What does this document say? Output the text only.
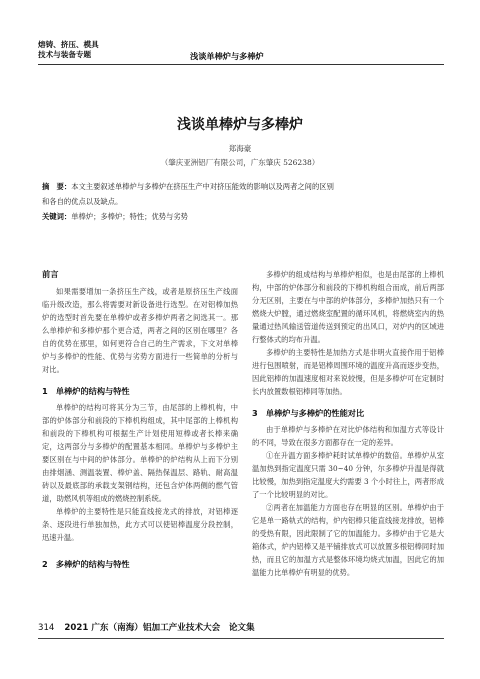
熔铸、挤压、模具
技术与装备专题	浅谈单棒炉与多棒炉
浅谈单棒炉与多棒炉
郑海豪
（肇庆亚洲铝厂有限公司，广东肇庆 526238）
摘　要：本文主要叙述单棒炉与多棒炉在挤压生产中对挤压能效的影响以及两者之间的区别
和各自的优点以及缺点。
关键词：单棒炉；多棒炉；特性；优势与劣势
前言

如果需要增加一条挤压生产线，或者是原挤压生产线面临升级改造，那么将需要对新设备进行选型。在对铝棒加热炉的选型时首先要在单棒炉或者多棒炉两者之间选其一。那么单棒炉和多棒炉那个更合适，两者之间的区别在哪里？各自的优势在那里，如何更符合自己的生产需求，下文对单棒炉与多棒炉的性能、优势与劣势方面进行一些简单的分析与对比。

1　单棒炉的结构与特性

单棒炉的结构可将其分为三节，由尾部的上棒机构，中部的炉体部分和前段的下棒机构组成，其中尾部的上棒机构和前段的下棒机构可根据生产计划使用短棒或者长棒来确定，这两部分与多棒炉的配置基本相同。单棒炉与多棒炉主要区别在与中间的炉体部分。单棒炉的炉结构从上而下分别由排烟涵、测温装置、棒炉盖、隔热保温层、路轨、耐高温砖以及最底部的承载支架钢结构，还包含炉体两侧的燃气管道，助燃风机等组成的燃烧控制系统。

单棒炉的主要特性是只能直线接龙式的排放，对铝棒逐条、逐段进行单独加热，此方式可以使铝棒温度分段控制，迅速升温。

2　多棒炉的结构与特性

多棒炉的组成结构与单棒炉相似，也是由尾部的上棒机构，中部的炉体部分和前段的下棒机构组合而成，前后两部分无区别，主要在与中部的炉体部分，多棒炉加热只有一个燃烧大炉膛，通过燃烧室配置的循环风机，将燃烧室内的热量通过热风输送管道传送到预定的出风口，对炉内的区域进行整体式的均布升温。

多棒炉的主要特性是加热方式是非明火直接作用于铝棒进行包围喷射，而是铝棒周围环境的温度升高而逐步变热，因此铝棒的加温速度相对来说较慢，但是多棒炉可在定制时长内放置数根铝棒同等加热。

3　单棒炉与多棒炉的性能对比

由于单棒炉与多棒炉在对比炉体结构和加温方式等设计的不同，导致在很多方面都存在一定的差异。

①在升温方面多棒炉耗时试单棒炉的数倍。单棒炉从室温加热到指定温度只需 30~40 分钟，尔多棒炉升温是得就比较慢，加热到指定温度大约需要 3 个小时往上，两者形成了一个比较明显的对比。

②两者在加温能力方面也存在明显的区别。单棒炉由于它是单一路轨式的结构，炉内铝棒只能直线接龙排放，铝棒的受热有限，因此限制了它的加温能力。多棒炉由于它是大箱体式，炉内铝棒又是平铺排放式可以放置多根铝棒同时加热，而且它的加温方式是整体环境均烧式加温，因此它的加温能力比单棒炉有明显的优势。

314 2021 广东（南海）铝加工产业技术大会　论文集
